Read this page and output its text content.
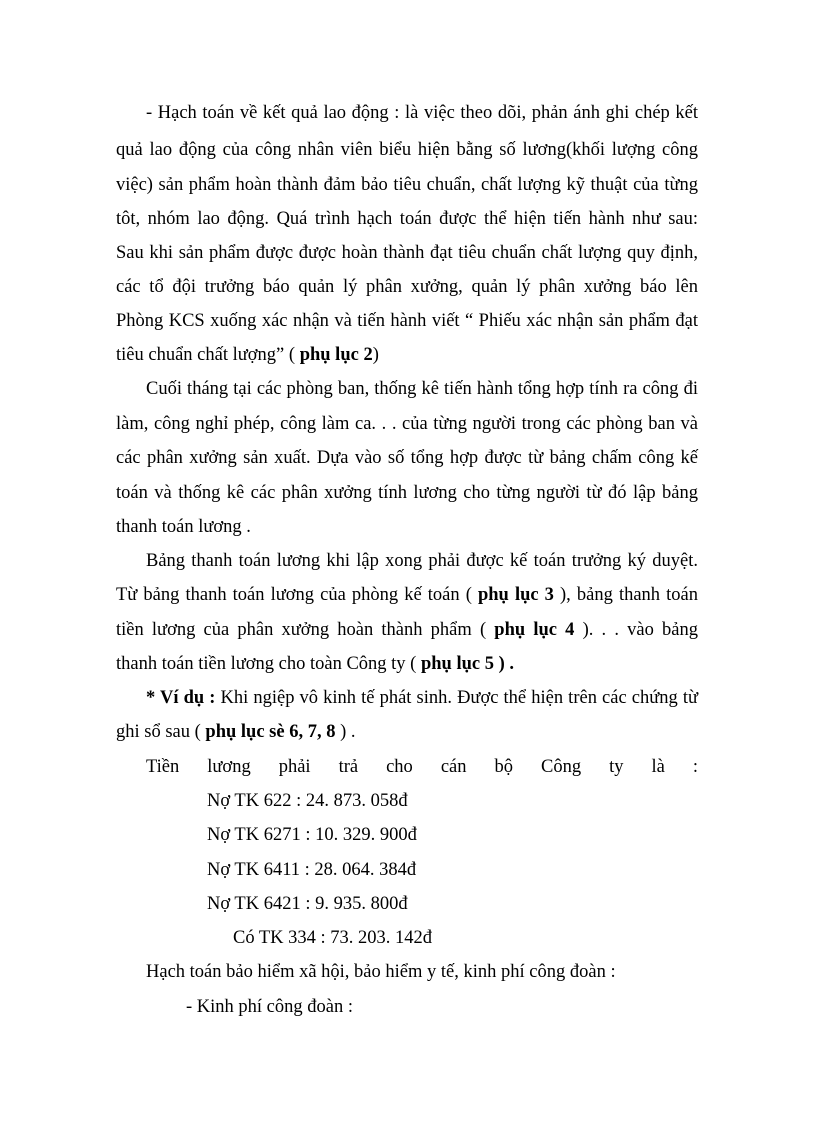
- Hạch toán về kết quả lao động : là việc theo dõi, phản ánh ghi chép kết
quả lao động của công nhân viên biểu hiện bằng số lương(khối lượng công
việc) sản phẩm hoàn thành đảm bảo tiêu chuẩn, chất lượng kỹ thuật của từng
tôt, nhóm lao động. Quá trình hạch toán được thể hiện tiến hành như sau:
Sau khi sản phẩm được được hoàn thành đạt tiêu chuẩn chất lượng quy định,
các tổ đội trưởng báo quản lý phân xưởng, quản lý phân xưởng báo lên
Phòng KCS xuống xác nhận và tiến hành viết “ Phiếu xác nhận sản phẩm đạt
tiêu chuẩn chất lượng” ( phụ lục 2)
Cuối tháng tại các phòng ban, thống kê tiến hành tổng hợp tính ra công đi
làm, công nghỉ phép, công làm ca. . . của từng người trong các phòng ban và
các phân xưởng sản xuất. Dựa vào số tổng hợp được từ bảng chấm công kế
toán và thống kê các phân xưởng tính lương cho từng người từ đó lập bảng
thanh toán lương .
Bảng thanh toán lương khi lập xong phải được kế toán trưởng ký duyệt.
Từ bảng thanh toán lương của phòng kế toán ( phụ lục 3 ), bảng thanh toán
tiền lương của phân xưởng hoàn thành phẩm ( phụ lục 4 ). . . vào bảng
thanh toán tiền lương cho toàn Công ty ( phụ lục 5 ) .
* Ví dụ : Khi ngiệp vô kinh tế phát sinh. Được thể hiện trên các chứng từ
ghi sổ sau ( phụ lục sè 6, 7, 8 ) .
Tiền lương phải trả cho cán bộ Công ty là :
Nợ TK 622 : 24. 873. 058đ
Nợ TK 6271 : 10. 329. 900đ
Nợ TK 6411 : 28. 064. 384đ
Nợ TK 6421 : 9. 935. 800đ
Có TK 334 : 73. 203. 142đ
Hạch toán bảo hiểm xã hội, bảo hiểm y tế, kinh phí công đoàn :
- Kinh phí công đoàn :
